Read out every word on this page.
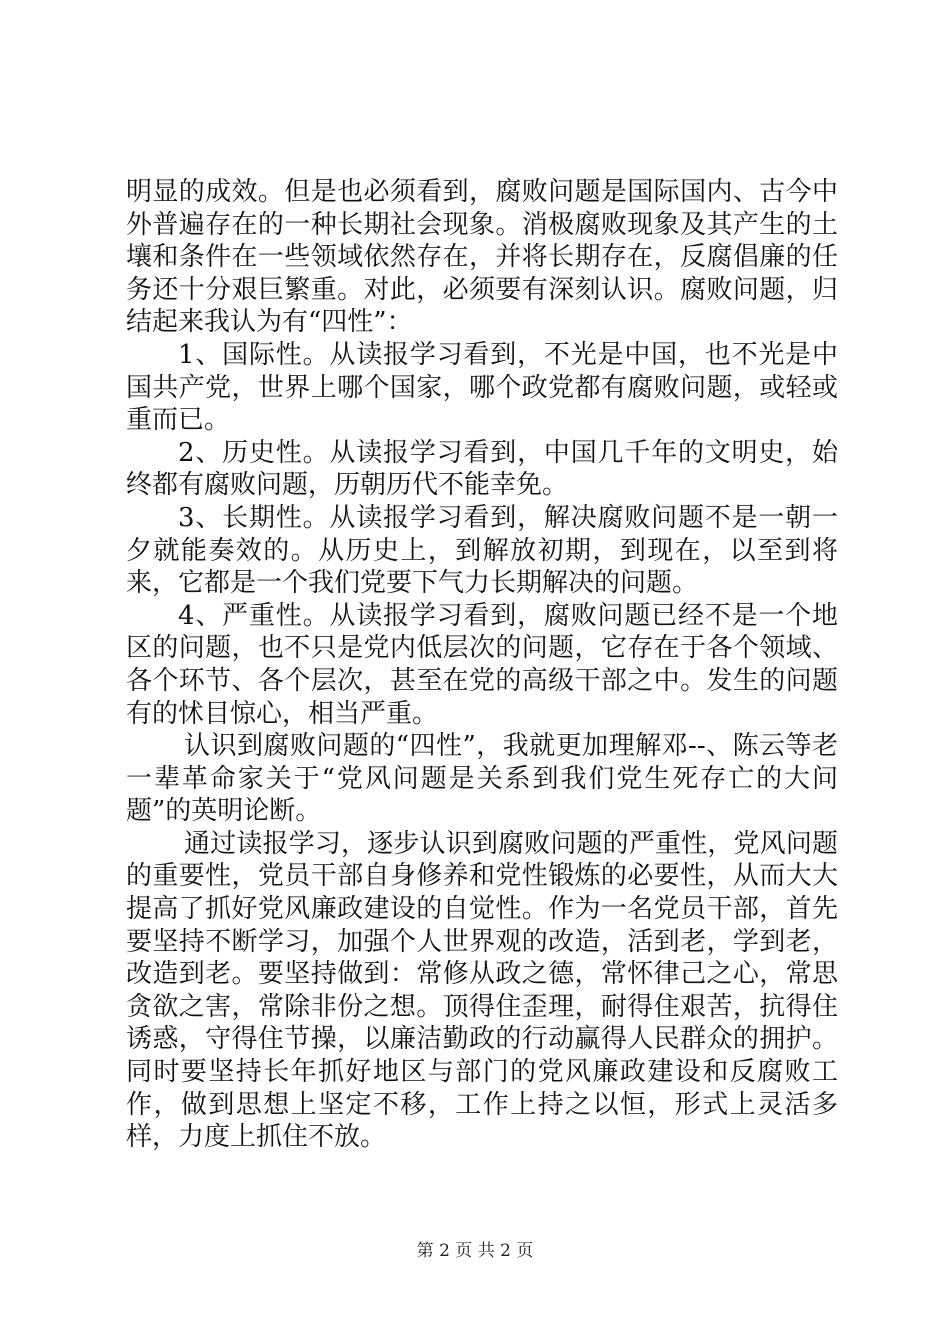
明显的成效。但是也必须看到，腐败问题是国际国内、古今中外普遍存在的一种长期社会现象。消极腐败现象及其产生的土壤和条件在一些领域依然存在，并将长期存在，反腐倡廉的任务还十分艰巨繁重。对此，必须要有深刻认识。腐败问题，归结起来我认为有“四性”：

1、国际性。从读报学习看到，不光是中国，也不光是中国共产党，世界上哪个国家，哪个政党都有腐败问题，或轻或重而已。

2、历史性。从读报学习看到，中国几千年的文明史，始终都有腐败问题，历朝历代不能幸免。

3、长期性。从读报学习看到，解决腐败问题不是一朝一夕就能奏效的。从历史上，到解放初期，到现在，以至到将来，它都是一个我们党要下气力长期解决的问题。

4、严重性。从读报学习看到，腐败问题已经不是一个地区的问题，也不只是党内低层次的问题，它存在于各个领域、各个环节、各个层次，甚至在党的高级干部之中。发生的问题有的怵目惊心，相当严重。

认识到腐败问题的“四性”，我就更加理解邓--、陈云等老一辈革命家关于“党风问题是关系到我们党生死存亡的大问题”的英明论断。

通过读报学习，逐步认识到腐败问题的严重性，党风问题的重要性，党员干部自身修养和党性锻炼的必要性，从而大大提高了抓好党风廉政建设的自觉性。作为一名党员干部，首先要坚持不断学习，加强个人世界观的改造，活到老，学到老，改造到老。要坚持做到：常修从政之德，常怀律己之心，常思贪欲之害，常除非份之想。顶得住歪理，耐得住艰苦，抗得住诱惑，守得住节操，以廉洁勤政的行动赢得人民群众的拥护。同时要坚持长年抓好地区与部门的党风廉政建设和反腐败工作，做到思想上坚定不移，工作上持之以恒，形式上灵活多样，力度上抓住不放。

第 2 页 共 2 页
